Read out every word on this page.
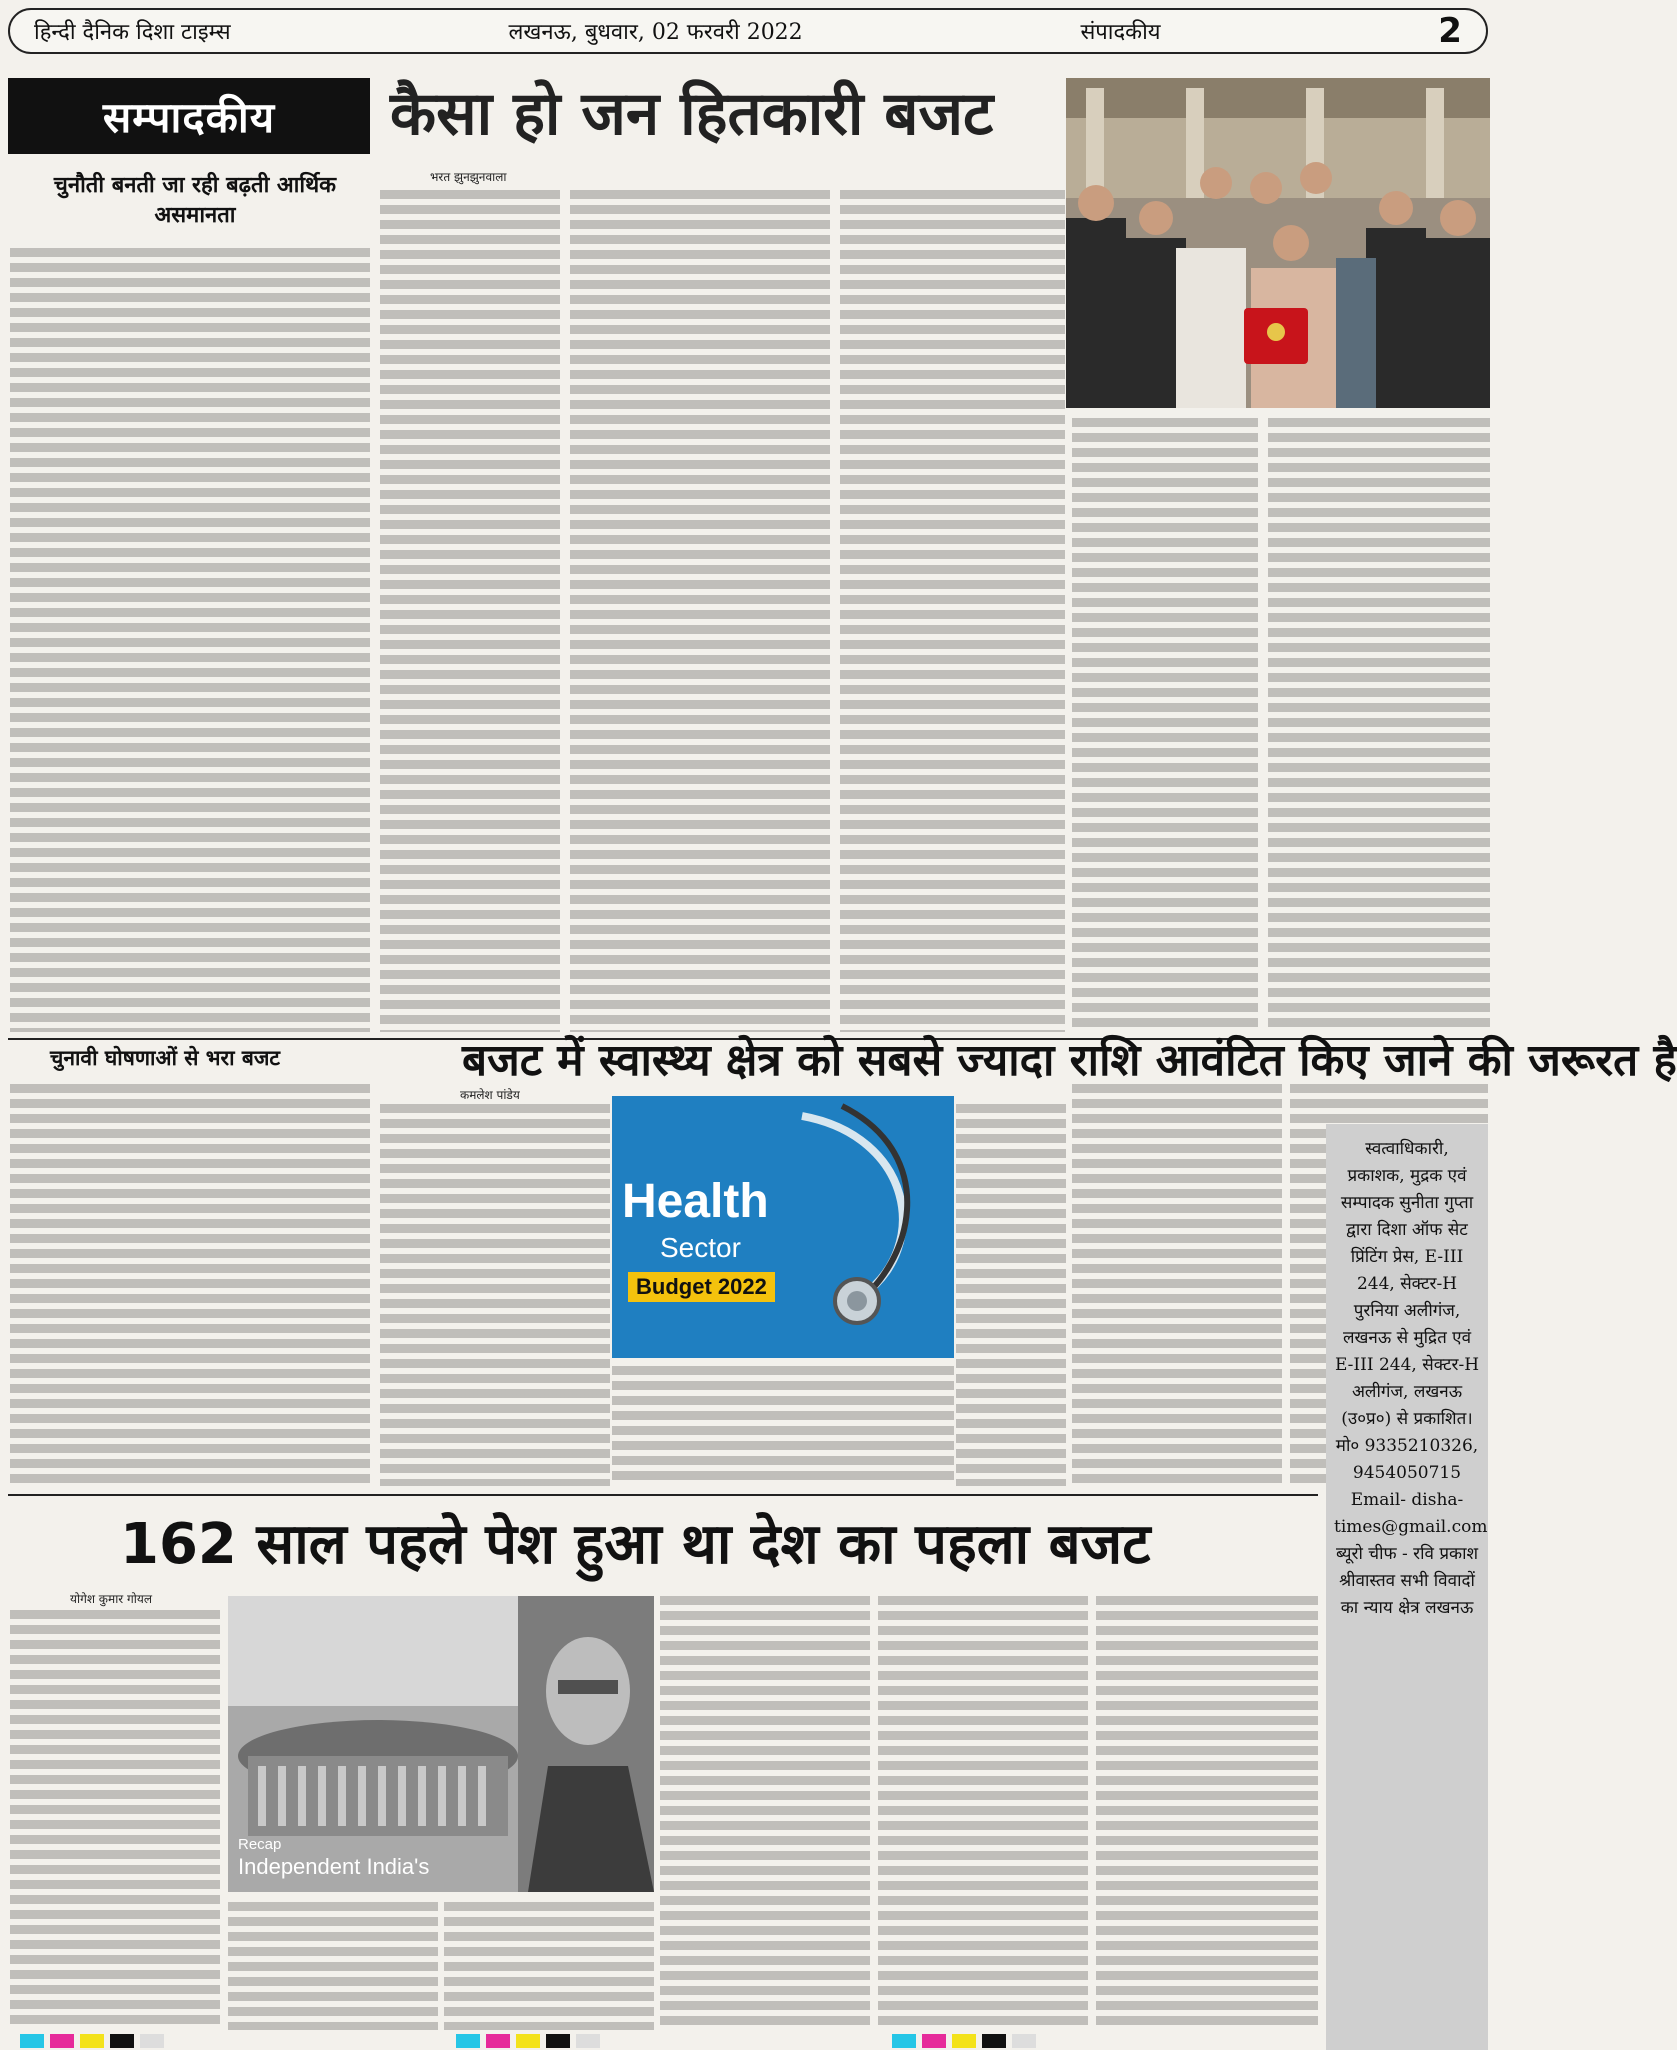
हिन्दी दैनिक दिशा टाइम्स	लखनऊ, बुधवार, 02 फरवरी 2022	संपादकीय	2
सम्पादकीय	कैसा हो जन हितकारी बजट
चुनौती बनती जा रही बढ़ती आर्थिक असमानता
भरत झुनझुनवाला
चुनावी घोषणाओं से भरा बजट	बजट में स्वास्थ्य क्षेत्र को सबसे ज्यादा राशि आवंटित किए जाने की जरूरत है
कमलेश पांडेय
Health
Sector
Budget 2022
162 साल पहले पेश हुआ था देश का पहला बजट
योगेश कुमार गोयल
Recap
Independent India's
स्वत्वाधिकारी, प्रकाशक, मुद्रक एवं सम्पादक सुनीता गुप्ता द्वारा दिशा ऑफ सेट प्रिंटिंग प्रेस, E-III 244, सेक्टर-H पुरनिया अलीगंज, लखनऊ से मुद्रित एवं E-III 244, सेक्टर-H अलीगंज, लखनऊ (उ०प्र०) से प्रकाशित। मो० 9335210326, 9454050715 Email- disha-times@gmail.com ब्यूरो चीफ - रवि प्रकाश श्रीवास्तव सभी विवादों का न्याय क्षेत्र लखनऊ
